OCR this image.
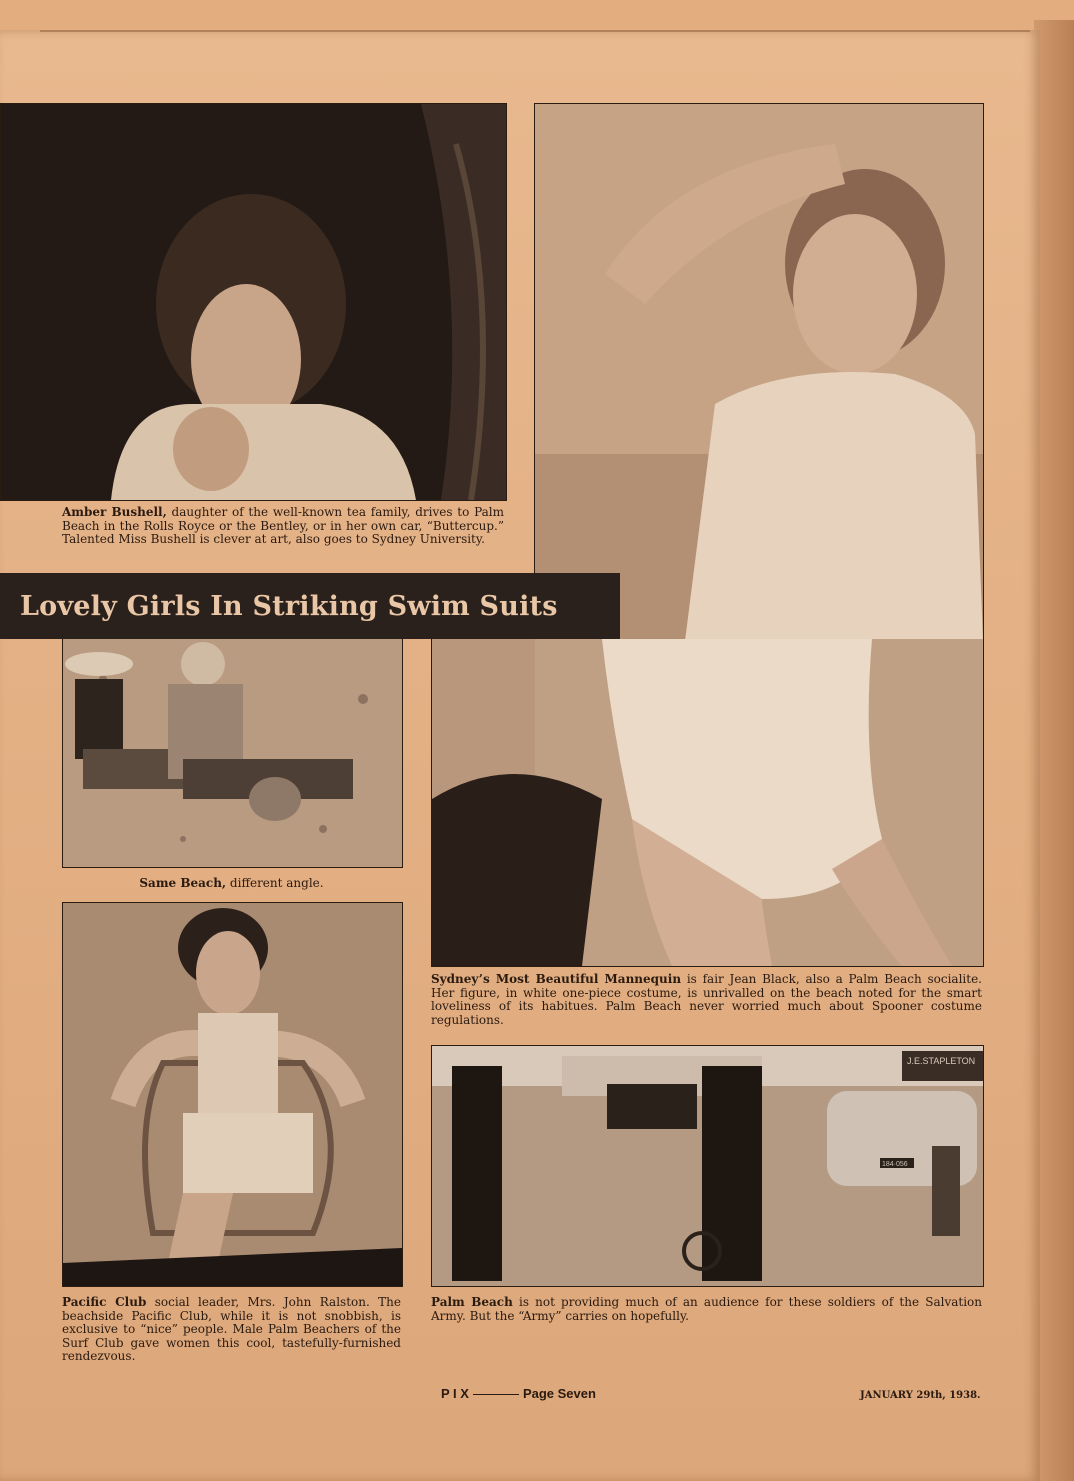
Amber Bushell, daughter of the well-known tea family, drives to Palm Beach in the Rolls Royce or the Bentley, or in her own car, “Buttercup.” Talented Miss Bushell is clever at art, also goes to Sydney University.
Sydney’s Most Beautiful Mannequin is fair Jean Black, also a Palm Beach socialite. Her figure, in white one-piece costume, is unrivalled on the beach noted for the smart loveliness of its habitues. Palm Beach never worried much about Spooner costume regulations.
Lovely Girls In Striking Swim Suits
Same Beach, different angle.
Pacific Club social leader, Mrs. John Ralston. The beachside Pacific Club, while it is not snobbish, is exclusive to “nice” people. Male Palm Beachers of the Surf Club gave women this cool, tastefully-furnished rendezvous.
J.E.STAPLETON
184·056
Palm Beach is not providing much of an audience for these soldiers of the Salvation Army. But the “Army” carries on hopefully.
P I X	Page Seven	JANUARY 29th, 1938.
